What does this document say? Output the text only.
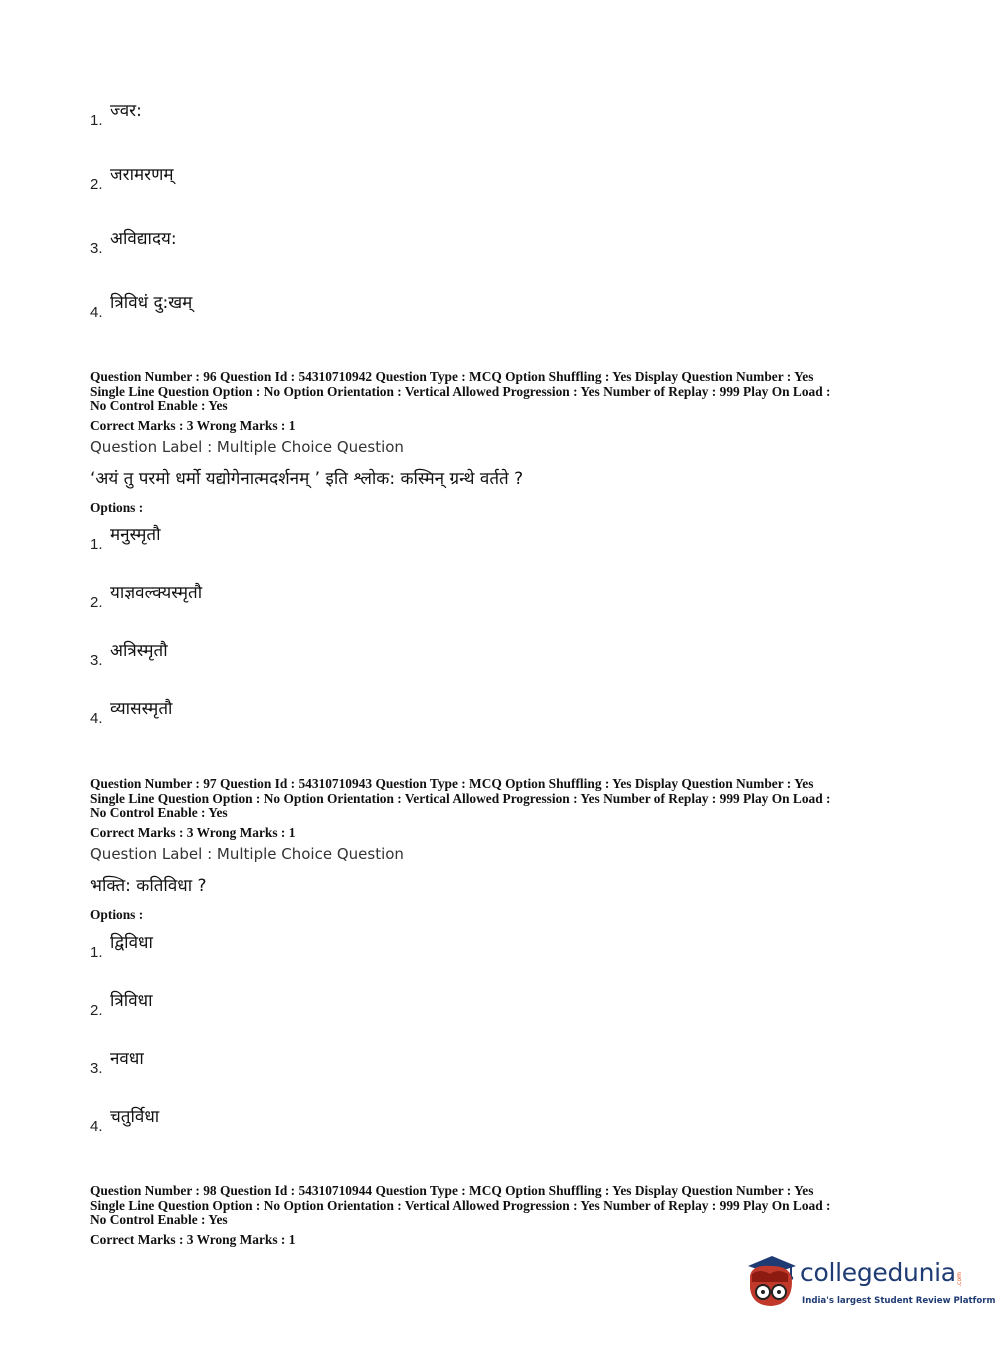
1. ज्वर:
2. जरामरणम्
3. अविद्यादय:
4. त्रिविधं दु:खम्
Question Number : 96 Question Id : 54310710942 Question Type : MCQ Option Shuffling : Yes Display Question Number : Yes
Single Line Question Option : No Option Orientation : Vertical Allowed Progression : Yes Number of Replay : 999 Play On Load :
No Control Enable : Yes
Correct Marks : 3 Wrong Marks : 1
Question Label : Multiple Choice Question
‘अयं तु परमो धर्मो यद्योगेनात्मदर्शनम् ’ इति श्लोक: कस्मिन् ग्रन्थे वर्तते ?
Options :
1. मनुस्मृतौ
2. याज्ञवल्क्यस्मृतौ
3. अत्रिस्मृतौ
4. व्यासस्मृतौ
Question Number : 97 Question Id : 54310710943 Question Type : MCQ Option Shuffling : Yes Display Question Number : Yes
Single Line Question Option : No Option Orientation : Vertical Allowed Progression : Yes Number of Replay : 999 Play On Load :
No Control Enable : Yes
Correct Marks : 3 Wrong Marks : 1
Question Label : Multiple Choice Question
भक्ति: कतिविधा ?
Options :
1. द्विविधा
2. त्रिविधा
3. नवधा
4. चतुर्विधा
Question Number : 98 Question Id : 54310710944 Question Type : MCQ Option Shuffling : Yes Display Question Number : Yes
Single Line Question Option : No Option Orientation : Vertical Allowed Progression : Yes Number of Replay : 999 Play On Load :
No Control Enable : Yes
Correct Marks : 3 Wrong Marks : 1
collegedunia .com
India's largest Student Review Platform
